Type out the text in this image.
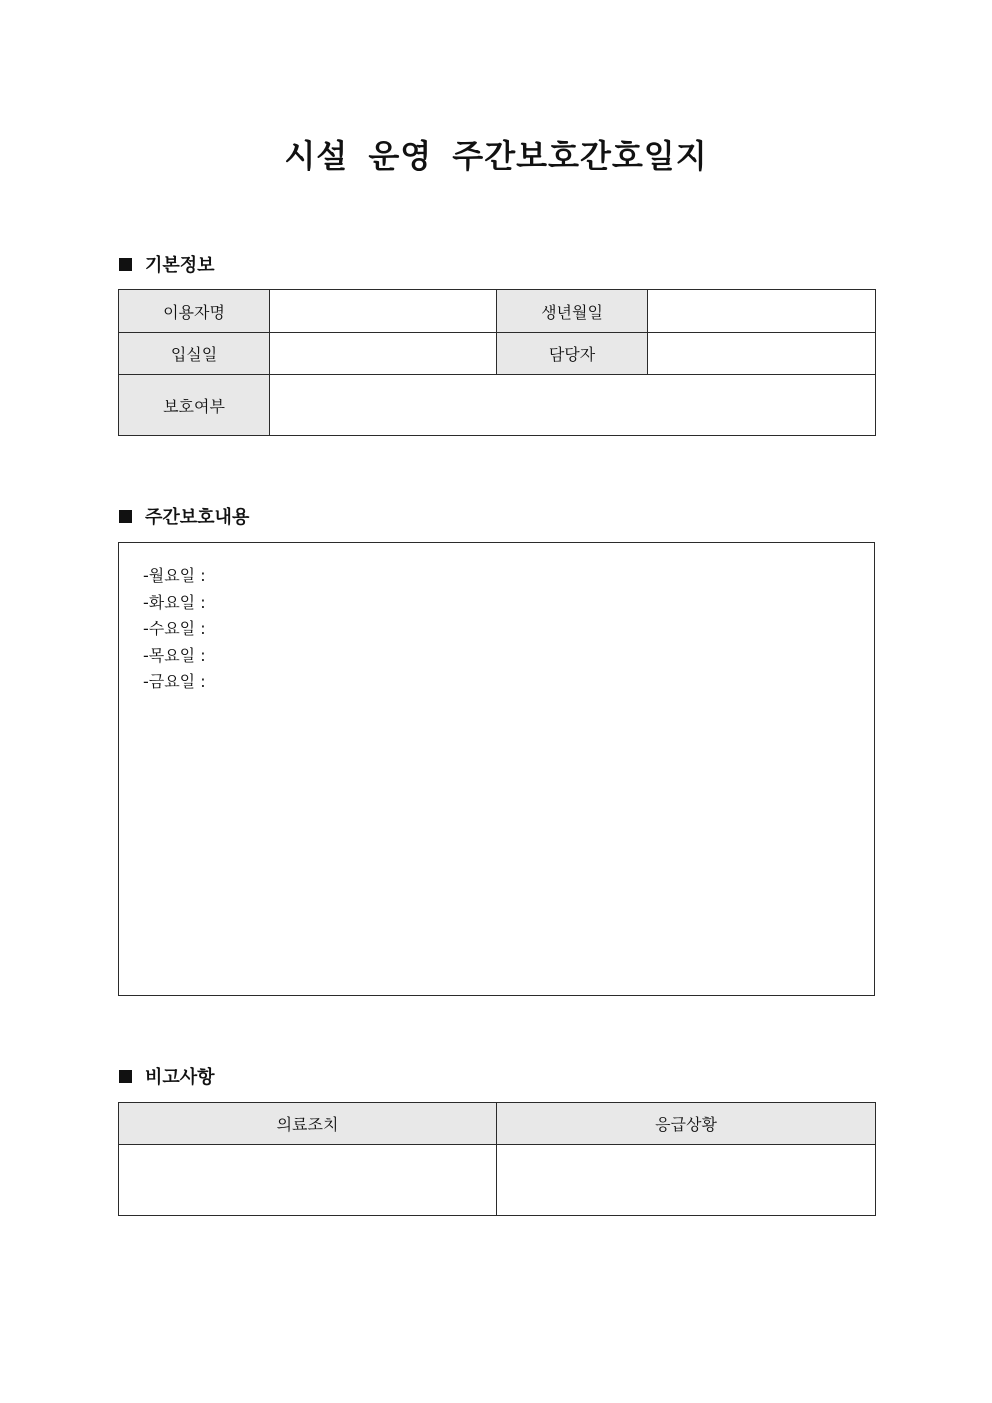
시설 운영 주간보호간호일지
기본정보
이용자명		생년월일	
입실일		담당자	
보호여부			
주간보호내용
-월요일 :
-화요일 :
-수요일 :
-목요일 :
-금요일 :
비고사항
의료조치	응급상황
